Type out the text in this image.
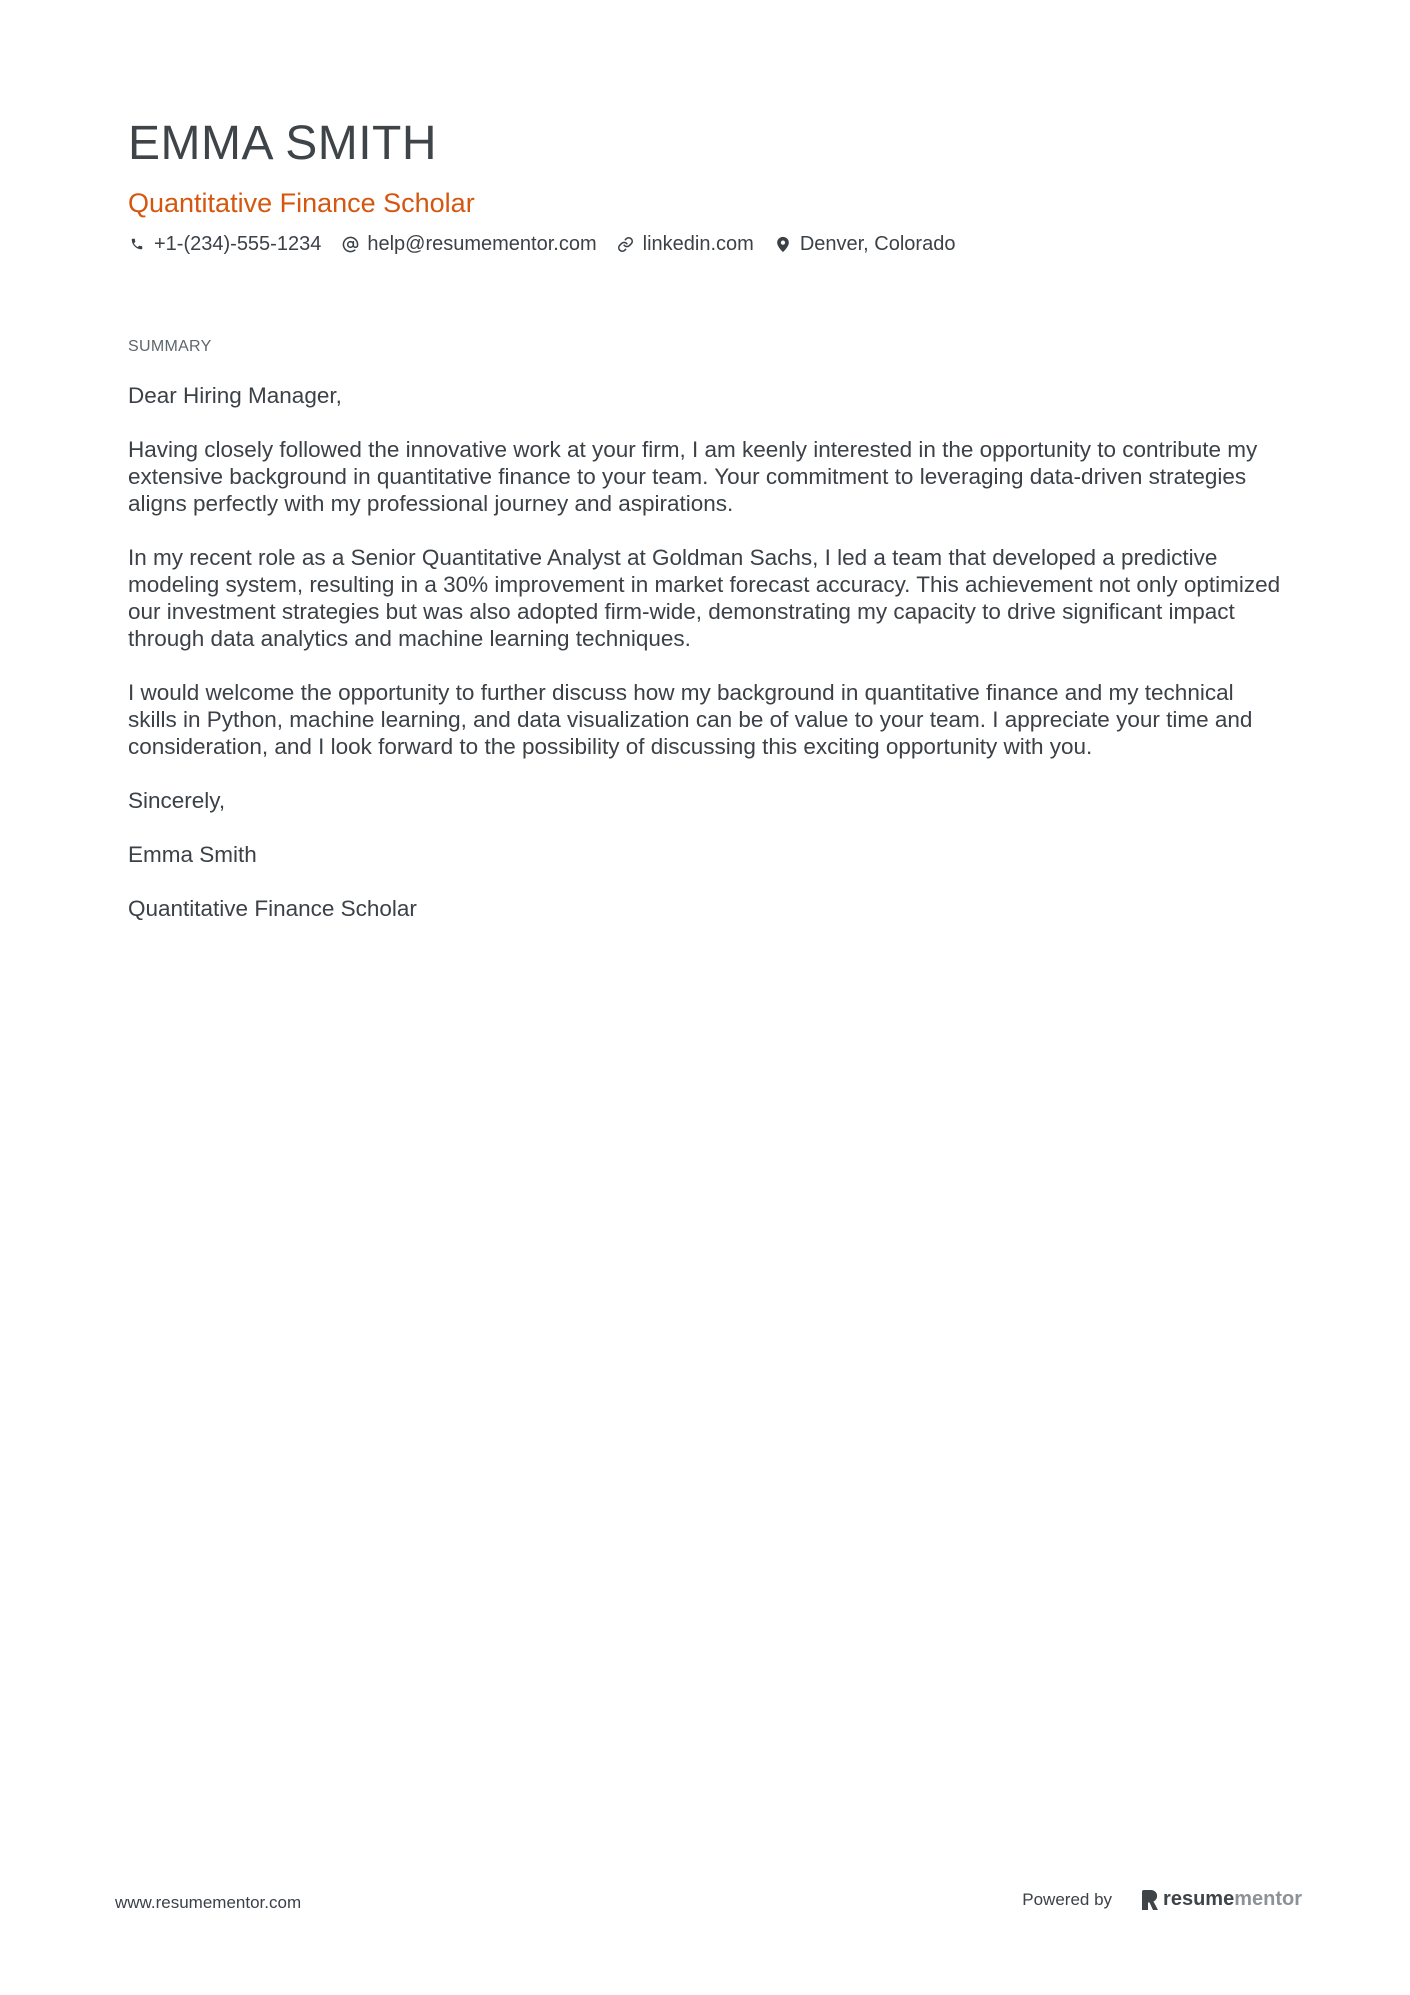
EMMA SMITH
Quantitative Finance Scholar
+1-(234)-555-1234 help@resumementor.com linkedin.com Denver, Colorado
SUMMARY

Dear Hiring Manager,

Having closely followed the innovative work at your firm, I am keenly interested in the opportunity to contribute my extensive background in quantitative finance to your team. Your commitment to leveraging data-driven strategies aligns perfectly with my professional journey and aspirations.

In my recent role as a Senior Quantitative Analyst at Goldman Sachs, I led a team that developed a predictive modeling system, resulting in a 30% improvement in market forecast accuracy. This achievement not only optimized our investment strategies but was also adopted firm-wide, demonstrating my capacity to drive significant impact through data analytics and machine learning techniques.

I would welcome the opportunity to further discuss how my background in quantitative finance and my technical skills in Python, machine learning, and data visualization can be of value to your team. I appreciate your time and consideration, and I look forward to the possibility of discussing this exciting opportunity with you.

Sincerely,

Emma Smith

Quantitative Finance Scholar

www.resumementor.com	Powered by	resume mentor
